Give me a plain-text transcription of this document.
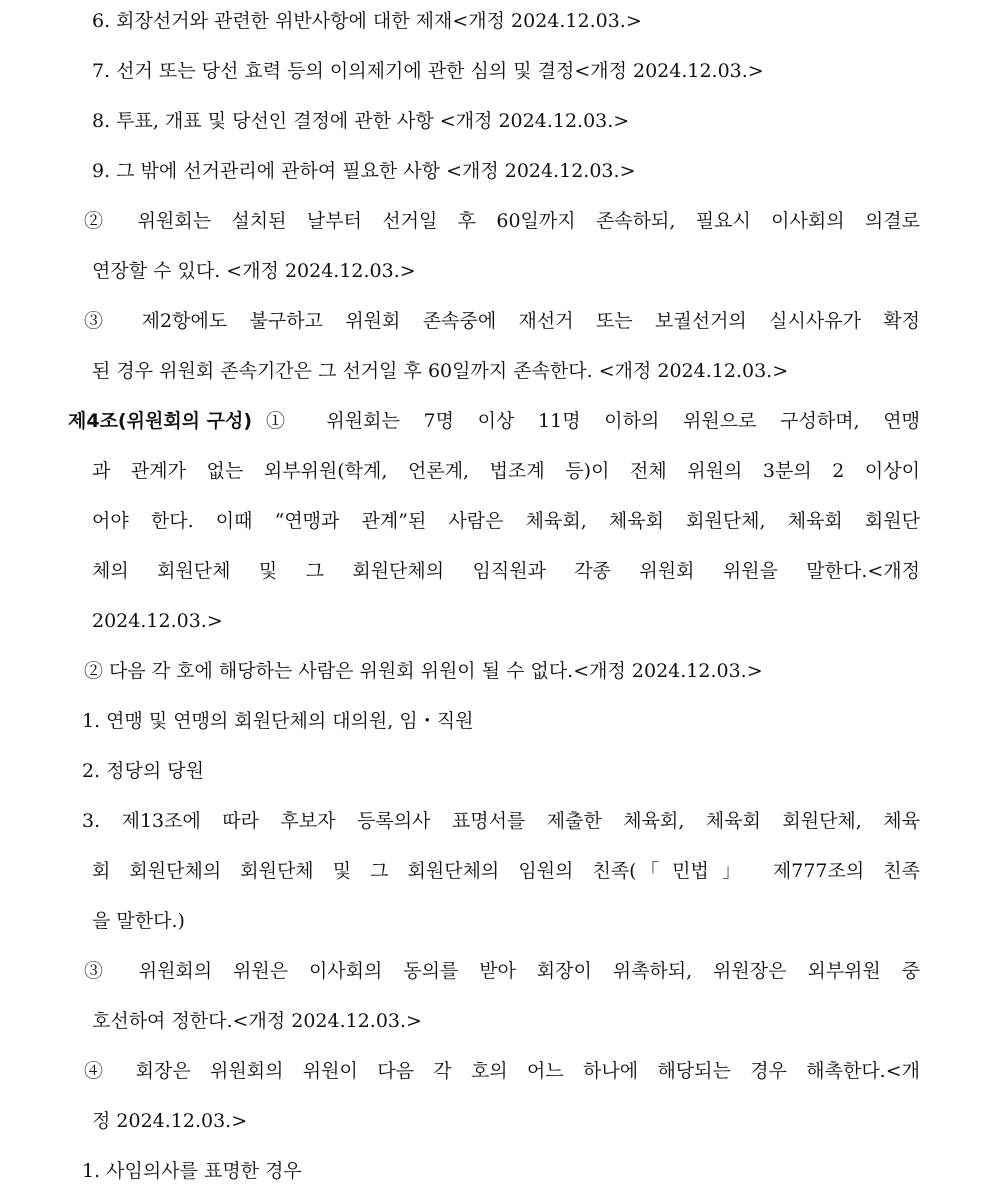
6. 회장선거와 관련한 위반사항에 대한 제재<개정 2024.12.03.>
7. 선거 또는 당선 효력 등의 이의제기에 관한 심의 및 결정<개정 2024.12.03.>
8. 투표, 개표 및 당선인 결정에 관한 사항 <개정 2024.12.03.>
9. 그 밖에 선거관리에 관하여 필요한 사항 <개정 2024.12.03.>
② 위원회는 설치된 날부터 선거일 후 60일까지 존속하되, 필요시 이사회의 의결로
연장할 수 있다. <개정 2024.12.03.>
③ 제2항에도 불구하고 위원회 존속중에 재선거 또는 보궐선거의 실시사유가 확정
된 경우 위원회 존속기간은 그 선거일 후 60일까지 존속한다. <개정 2024.12.03.>
제4조(위원회의 구성) ① 위원회는 7명 이상 11명 이하의 위원으로 구성하며, 연맹
과 관계가 없는 외부위원(학계, 언론계, 법조계 등)이 전체 위원의 3분의 2 이상이
어야 한다. 이때 “연맹과 관계”된 사람은 체육회, 체육회 회원단체, 체육회 회원단
체의 회원단체 및 그 회원단체의 임직원과 각종 위원회 위원을 말한다.<개정
2024.12.03.>
② 다음 각 호에 해당하는 사람은 위원회 위원이 될 수 없다.<개정 2024.12.03.>
1. 연맹 및 연맹의 회원단체의 대의원, 임・직원
2. 정당의 당원
3. 제13조에 따라 후보자 등록의사 표명서를 제출한 체육회, 체육회 회원단체, 체육
회 회원단체의 회원단체 및 그 회원단체의 임원의 친족(「민법」 제777조의 친족
을 말한다.)
③ 위원회의 위원은 이사회의 동의를 받아 회장이 위촉하되, 위원장은 외부위원 중
호선하여 정한다.<개정 2024.12.03.>
④ 회장은 위원회의 위원이 다음 각 호의 어느 하나에 해당되는 경우 해촉한다.<개
정 2024.12.03.>
1. 사임의사를 표명한 경우
